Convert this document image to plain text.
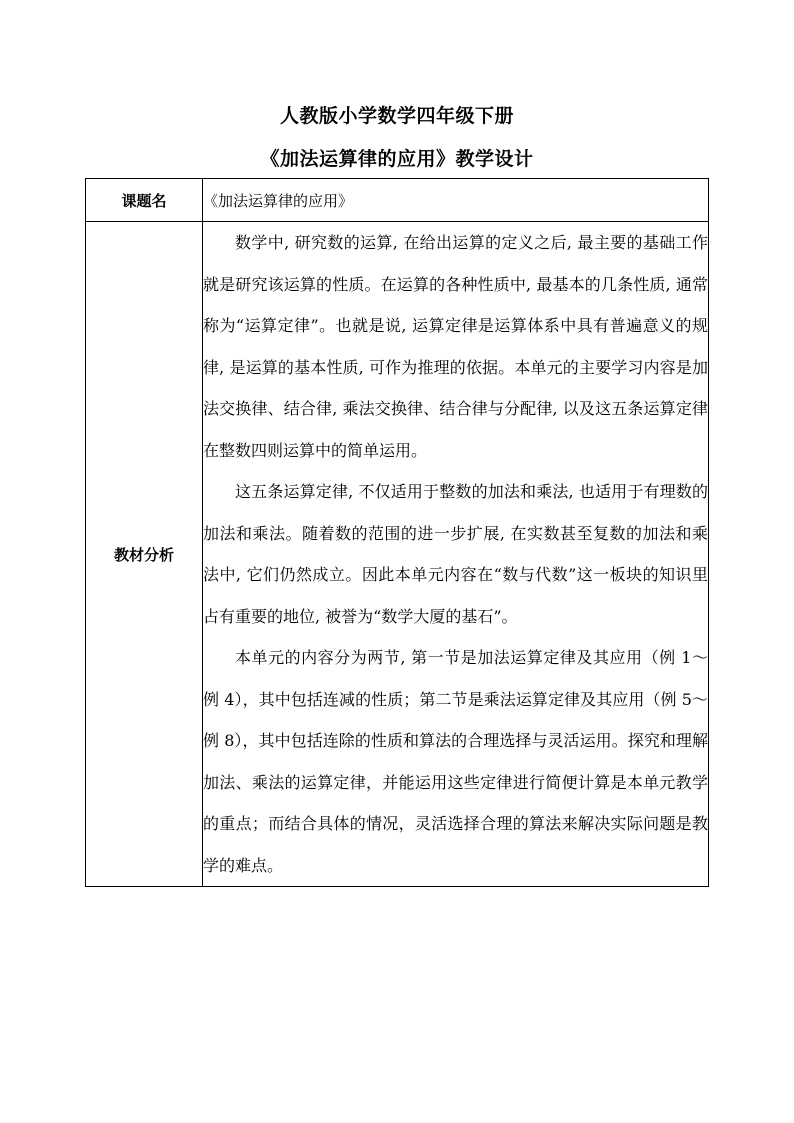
人教版小学数学四年级下册
《加法运算律的应用》教学设计
课题名	《加法运算律的应用》
教材分析	数学中, 研究数的运算, 在给出运算的定义之后, 最主要的基础工作就是研究该运算的性质。在运算的各种性质中, 最基本的几条性质, 通常称为“运算定律”。也就是说, 运算定律是运算体系中具有普遍意义的规律, 是运算的基本性质, 可作为推理的依据。本单元的主要学习内容是加法交换律、结合律, 乘法交换律、结合律与分配律, 以及这五条运算定律在整数四则运算中的简单运用。

这五条运算定律, 不仅适用于整数的加法和乘法, 也适用于有理数的加法和乘法。随着数的范围的进一步扩展, 在实数甚至复数的加法和乘法中, 它们仍然成立。因此本单元内容在“数与代数”这一板块的知识里占有重要的地位, 被誉为“数学大厦的基石”。

本单元的内容分为两节, 第一节是加法运算定律及其应用（例 1～例 4），其中包括连减的性质；第二节是乘法运算定律及其应用（例 5～例 8），其中包括连除的性质和算法的合理选择与灵活运用。探究和理解加法、乘法的运算定律，并能运用这些定律进行简便计算是本单元教学的重点；而结合具体的情况，灵活选择合理的算法来解决实际问题是教学的难点。
